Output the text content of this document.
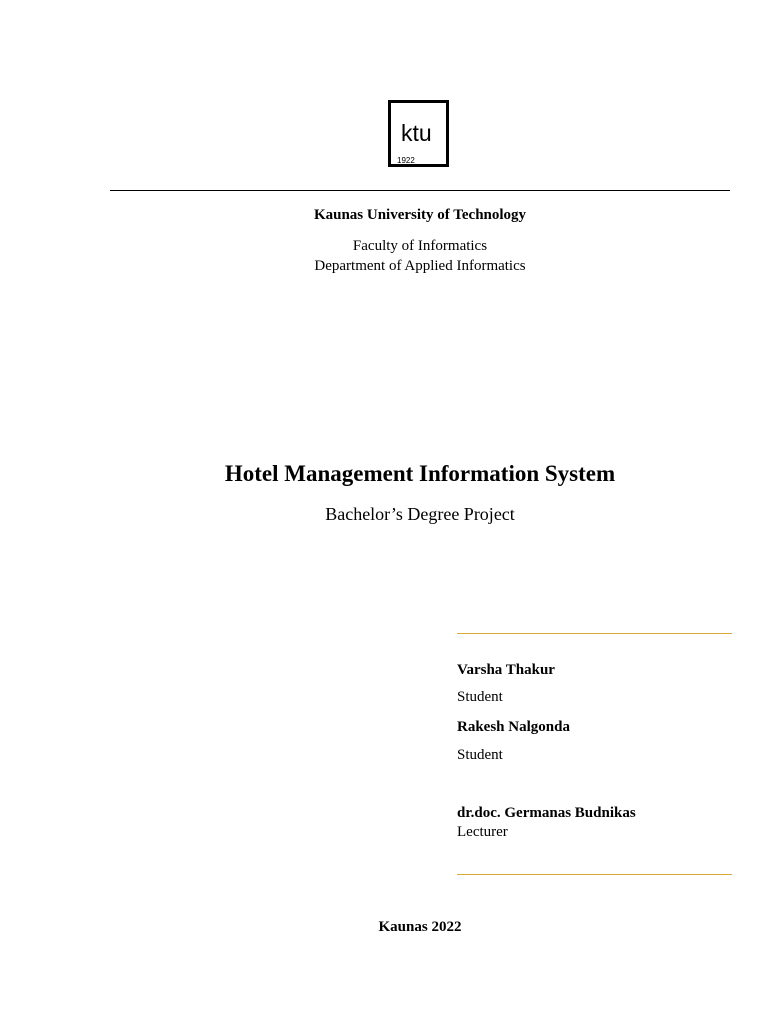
ktu
1922
Kaunas University of Technology
Faculty of Informatics
Department of Applied Informatics
Hotel Management Information System
Bachelor’s Degree Project
Varsha Thakur
Student
Rakesh Nalgonda
Student
dr.doc. Germanas Budnikas
Lecturer
Kaunas 2022
